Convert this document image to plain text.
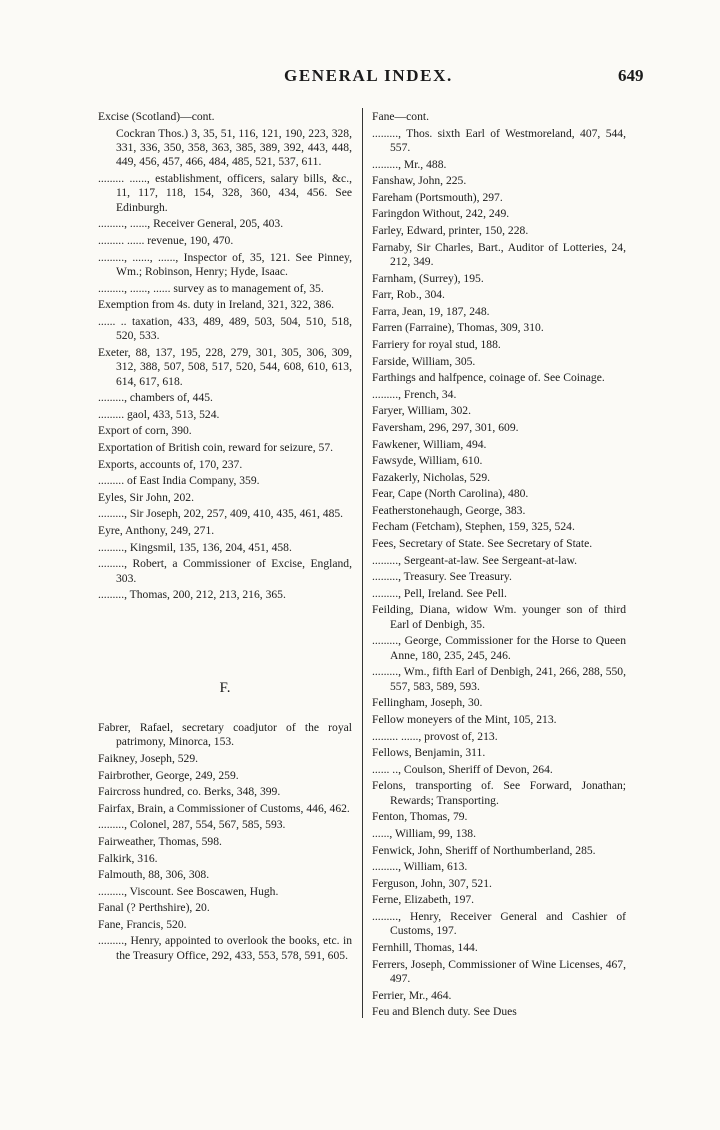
GENERAL INDEX.	649
Excise (Scotland)—cont.
Cockran Thos.) 3, 35, 51, 116, 121, 190, 223, 328, 331, 336, 350, 358, 363, 385, 389, 392, 443, 448, 449, 456, 457, 466, 484, 485, 521, 537, 611.
......... ......, establishment, officers, salary bills, &c., 11, 117, 118, 154, 328, 360, 434, 456. See Edinburgh.
........., ......, Receiver General, 205, 403.
......... ...... revenue, 190, 470.
........., ......, ......, Inspector of, 35, 121. See Pinney, Wm.; Robinson, Henry; Hyde, Isaac.
........., ......, ...... survey as to management of, 35.
Exemption from 4s. duty in Ireland, 321, 322, 386.
...... .. taxation, 433, 489, 489, 503, 504, 510, 518, 520, 533.
Exeter, 88, 137, 195, 228, 279, 301, 305, 306, 309, 312, 388, 507, 508, 517, 520, 544, 608, 610, 613, 614, 617, 618.
........., chambers of, 445.
......... gaol, 433, 513, 524.
Export of corn, 390.
Exportation of British coin, reward for seizure, 57.
Exports, accounts of, 170, 237.
......... of East India Company, 359.
Eyles, Sir John, 202.
........., Sir Joseph, 202, 257, 409, 410, 435, 461, 485.
Eyre, Anthony, 249, 271.
........., Kingsmil, 135, 136, 204, 451, 458.
........., Robert, a Commissioner of Excise, England, 303.
........., Thomas, 200, 212, 213, 216, 365.
F.
Fabrer, Rafael, secretary coadjutor of the royal patrimony, Minorca, 153.
Faikney, Joseph, 529.
Fairbrother, George, 249, 259.
Faircross hundred, co. Berks, 348, 399.
Fairfax, Brain, a Commissioner of Customs, 446, 462.
........., Colonel, 287, 554, 567, 585, 593.
Fairweather, Thomas, 598.
Falkirk, 316.
Falmouth, 88, 306, 308.
........., Viscount. See Boscawen, Hugh.
Fanal (? Perthshire), 20.
Fane, Francis, 520.
........., Henry, appointed to overlook the books, etc. in the Treasury Office, 292, 433, 553, 578, 591, 605.
Fane—cont.
........., Thos. sixth Earl of Westmoreland, 407, 544, 557.
........., Mr., 488.
Fanshaw, John, 225.
Fareham (Portsmouth), 297.
Faringdon Without, 242, 249.
Farley, Edward, printer, 150, 228.
Farnaby, Sir Charles, Bart., Auditor of Lotteries, 24, 212, 349.
Farnham, (Surrey), 195.
Farr, Rob., 304.
Farra, Jean, 19, 187, 248.
Farren (Farraine), Thomas, 309, 310.
Farriery for royal stud, 188.
Farside, William, 305.
Farthings and halfpence, coinage of. See Coinage.
........., French, 34.
Faryer, William, 302.
Faversham, 296, 297, 301, 609.
Fawkener, William, 494.
Fawsyde, William, 610.
Fazakerly, Nicholas, 529.
Fear, Cape (North Carolina), 480.
Featherstonehaugh, George, 383.
Fecham (Fetcham), Stephen, 159, 325, 524.
Fees, Secretary of State. See Secretary of State.
........., Sergeant-at-law. See Sergeant-at-law.
........., Treasury. See Treasury.
........., Pell, Ireland. See Pell.
Feilding, Diana, widow Wm. younger son of third Earl of Denbigh, 35.
........., George, Commissioner for the Horse to Queen Anne, 180, 235, 245, 246.
........., Wm., fifth Earl of Denbigh, 241, 266, 288, 550, 557, 583, 589, 593.
Fellingham, Joseph, 30.
Fellow moneyers of the Mint, 105, 213.
......... ......, provost of, 213.
Fellows, Benjamin, 311.
...... .., Coulson, Sheriff of Devon, 264.
Felons, transporting of. See Forward, Jonathan; Rewards; Transporting.
Fenton, Thomas, 79.
......, William, 99, 138.
Fenwick, John, Sheriff of Northumberland, 285.
........., William, 613.
Ferguson, John, 307, 521.
Ferne, Elizabeth, 197.
........., Henry, Receiver General and Cashier of Customs, 197.
Fernhill, Thomas, 144.
Ferrers, Joseph, Commissioner of Wine Licenses, 467, 497.
Ferrier, Mr., 464.
Feu and Blench duty. See Dues
